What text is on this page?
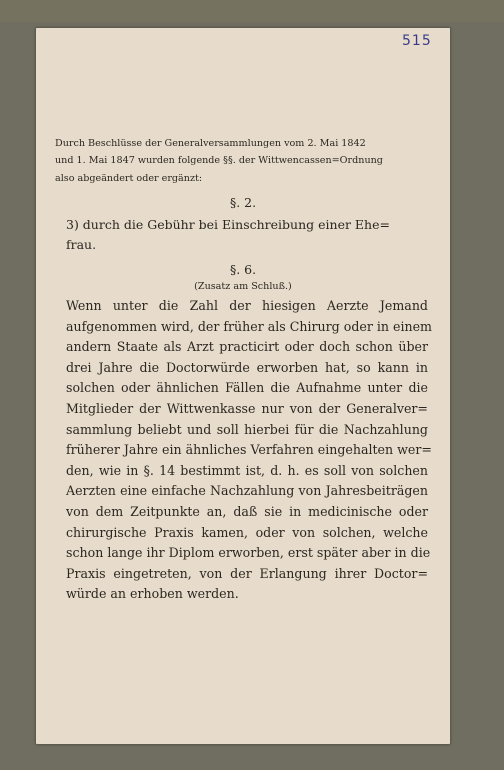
515
Durch Beschlüsse der Generalversammlungen vom 2. Mai 1842
und 1. Mai 1847 wurden folgende §§. der Wittwencassen=Ordnung
also abgeändert oder ergänzt:
§. 2.
3) durch die Gebühr bei Einschreibung einer Ehe=
frau.
§. 6.
(Zusatz am Schluß.)
Wenn unter die Zahl der hiesigen Aerzte Jemand
aufgenommen wird, der früher als Chirurg oder in einem
andern Staate als Arzt practicirt oder doch schon über
drei Jahre die Doctorwürde erworben hat, so kann in
solchen oder ähnlichen Fällen die Aufnahme unter die
Mitglieder der Wittwenkasse nur von der Generalver=
sammlung beliebt und soll hierbei für die Nachzahlung
früherer Jahre ein ähnliches Verfahren eingehalten wer=
den, wie in §. 14 bestimmt ist, d. h. es soll von solchen
Aerzten eine einfache Nachzahlung von Jahresbeiträgen
von dem Zeitpunkte an, daß sie in medicinische oder
chirurgische Praxis kamen, oder von solchen, welche
schon lange ihr Diplom erworben, erst später aber in die
Praxis eingetreten, von der Erlangung ihrer Doctor=
würde an erhoben werden.
